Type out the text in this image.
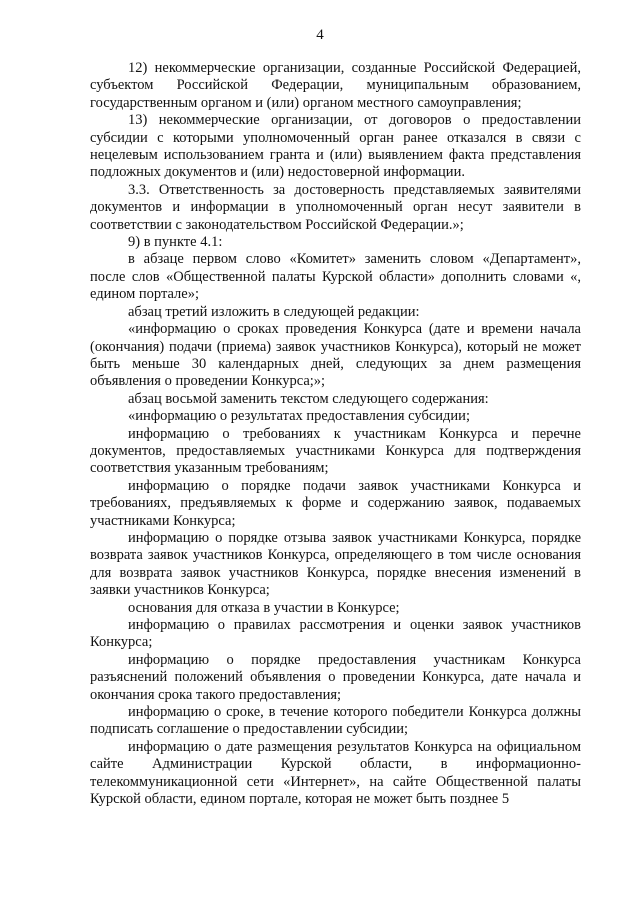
4

12) некоммерческие организации, созданные Российской Федерацией, субъектом Российской Федерации, муниципальным образованием, государственным органом и (или) органом местного самоуправления;

13) некоммерческие организации, от договоров о предоставлении субсидии с которыми уполномоченный орган ранее отказался в связи с нецелевым использованием гранта и (или) выявлением факта представления подложных документов и (или) недостоверной информации.

3.3. Ответственность за достоверность представляемых заявителями документов и информации в уполномоченный орган несут заявители в соответствии с законодательством Российской Федерации.»;

9) в пункте 4.1:

в абзаце первом слово «Комитет» заменить словом «Департамент», после слов «Общественной палаты Курской области» дополнить словами «, едином портале»;

абзац третий изложить в следующей редакции:

«информацию о сроках проведения Конкурса (дате и времени начала (окончания) подачи (приема) заявок участников Конкурса), который не может быть меньше 30 календарных дней, следующих за днем размещения объявления о проведении Конкурса;»;

абзац восьмой заменить текстом следующего содержания:

«информацию о результатах предоставления субсидии;

информацию о требованиях к участникам Конкурса и перечне документов, предоставляемых участниками Конкурса для подтверждения соответствия указанным требованиям;

информацию о порядке подачи заявок участниками Конкурса и требованиях, предъявляемых к форме и содержанию заявок, подаваемых участниками Конкурса;

информацию о порядке отзыва заявок участниками Конкурса, порядке возврата заявок участников Конкурса, определяющего в том числе основания для возврата заявок участников Конкурса, порядке внесения изменений в заявки участников Конкурса;

основания для отказа в участии в Конкурсе;

информацию о правилах рассмотрения и оценки заявок участников Конкурса;

информацию о порядке предоставления участникам Конкурса разъяснений положений объявления о проведении Конкурса, дате начала и окончания срока такого предоставления;

информацию о сроке, в течение которого победители Конкурса должны подписать соглашение о предоставлении субсидии;

информацию о дате размещения результатов Конкурса на официальном сайте Администрации Курской области, в информационно-телекоммуникационной сети «Интернет», на сайте Общественной палаты Курской области, едином портале, которая не может быть позднее 5
